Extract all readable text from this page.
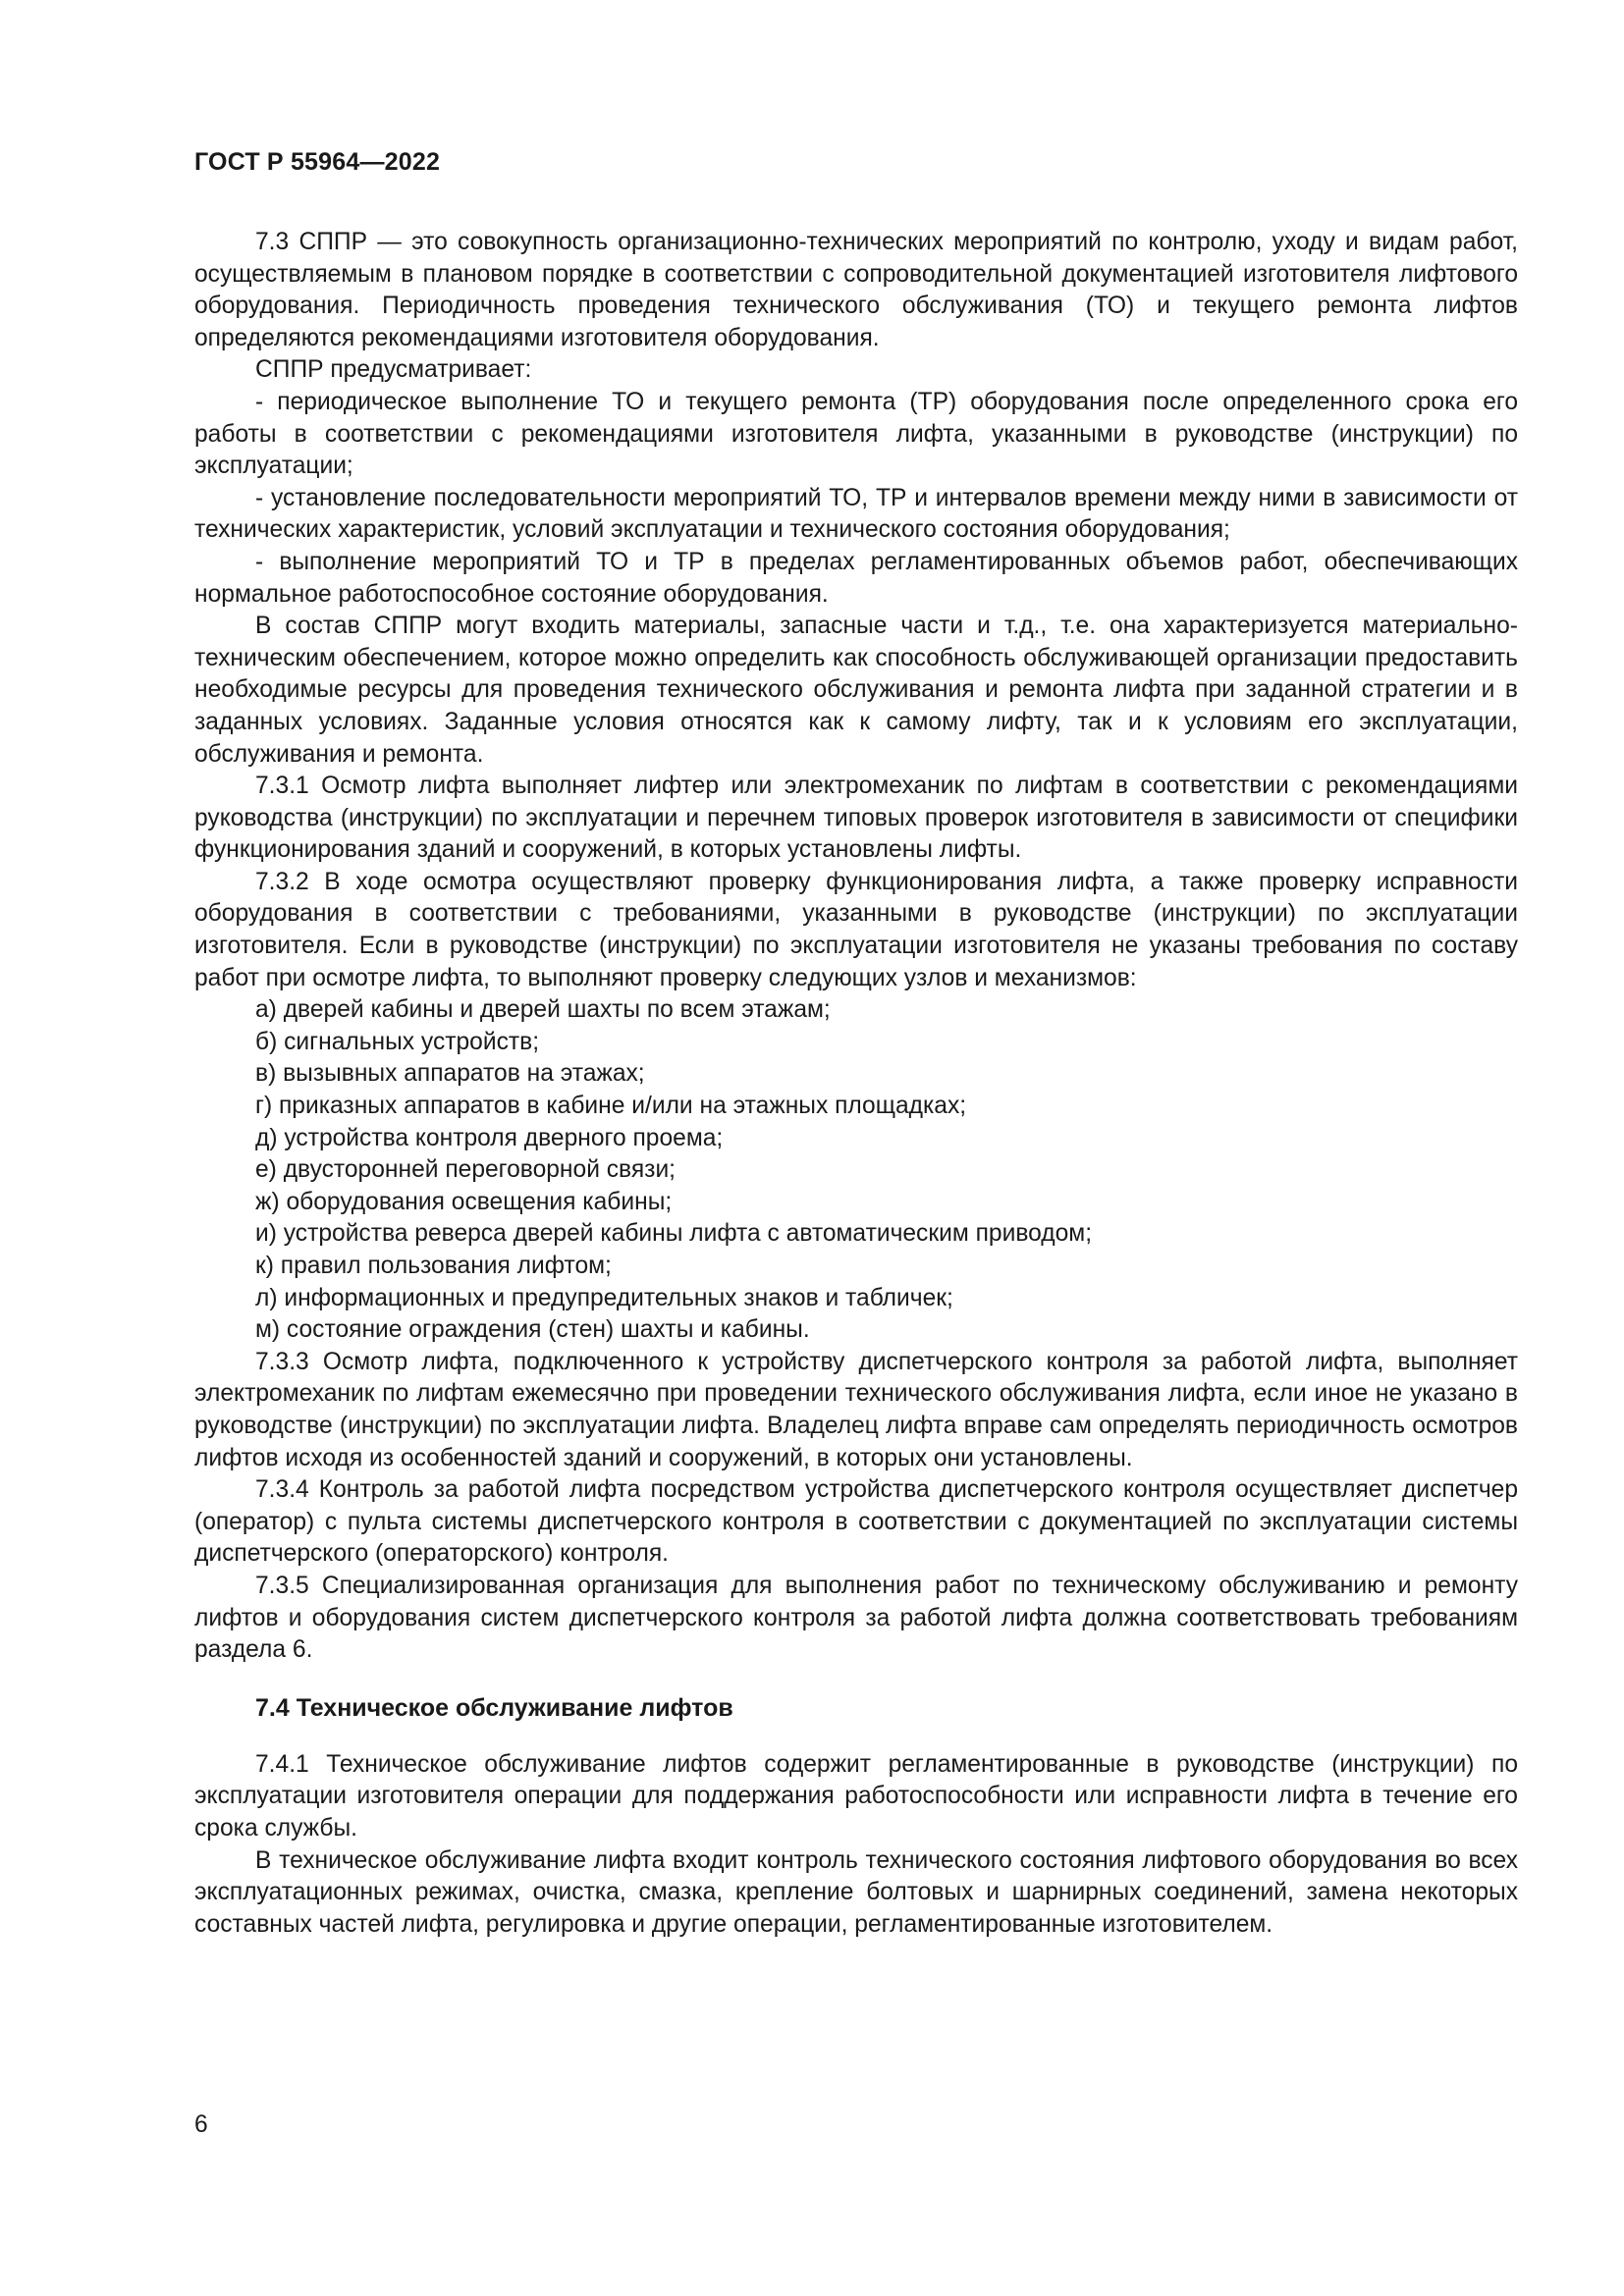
ГОСТ Р 55964—2022

7.3 СППР — это совокупность организационно-технических мероприятий по контролю, уходу и видам работ, осуществляемым в плановом порядке в соответствии с сопроводительной документацией изготовителя лифтового оборудования. Периодичность проведения технического обслуживания (ТО) и текущего ремонта лифтов определяются рекомендациями изготовителя оборудования.

СППР предусматривает:

- периодическое выполнение ТО и текущего ремонта (ТР) оборудования после определенного срока его работы в соответствии с рекомендациями изготовителя лифта, указанными в руководстве (инструкции) по эксплуатации;

- установление последовательности мероприятий ТО, ТР и интервалов времени между ними в зависимости от технических характеристик, условий эксплуатации и технического состояния оборудования;

- выполнение мероприятий ТО и ТР в пределах регламентированных объемов работ, обеспечивающих нормальное работоспособное состояние оборудования.

В состав СППР могут входить материалы, запасные части и т.д., т.е. она характеризуется материально-техническим обеспечением, которое можно определить как способность обслуживающей организации предоставить необходимые ресурсы для проведения технического обслуживания и ремонта лифта при заданной стратегии и в заданных условиях. Заданные условия относятся как к самому лифту, так и к условиям его эксплуатации, обслуживания и ремонта.

7.3.1 Осмотр лифта выполняет лифтер или электромеханик по лифтам в соответствии с рекомендациями руководства (инструкции) по эксплуатации и перечнем типовых проверок изготовителя в зависимости от специфики функционирования зданий и сооружений, в которых установлены лифты.

7.3.2 В ходе осмотра осуществляют проверку функционирования лифта, а также проверку исправности оборудования в соответствии с требованиями, указанными в руководстве (инструкции) по эксплуатации изготовителя. Если в руководстве (инструкции) по эксплуатации изготовителя не указаны требования по составу работ при осмотре лифта, то выполняют проверку следующих узлов и механизмов:

а) дверей кабины и дверей шахты по всем этажам;
б) сигнальных устройств;
в) вызывных аппаратов на этажах;
г) приказных аппаратов в кабине и/или на этажных площадках;
д) устройства контроля дверного проема;
е) двусторонней переговорной связи;
ж) оборудования освещения кабины;
и) устройства реверса дверей кабины лифта с автоматическим приводом;
к) правил пользования лифтом;
л) информационных и предупредительных знаков и табличек;
м) состояние ограждения (стен) шахты и кабины.

7.3.3 Осмотр лифта, подключенного к устройству диспетчерского контроля за работой лифта, выполняет электромеханик по лифтам ежемесячно при проведении технического обслуживания лифта, если иное не указано в руководстве (инструкции) по эксплуатации лифта. Владелец лифта вправе сам определять периодичность осмотров лифтов исходя из особенностей зданий и сооружений, в которых они установлены.

7.3.4 Контроль за работой лифта посредством устройства диспетчерского контроля осуществляет диспетчер (оператор) с пульта системы диспетчерского контроля в соответствии с документацией по эксплуатации системы диспетчерского (операторского) контроля.

7.3.5 Специализированная организация для выполнения работ по техническому обслуживанию и ремонту лифтов и оборудования систем диспетчерского контроля за работой лифта должна соответствовать требованиям раздела 6.

7.4 Техническое обслуживание лифтов

7.4.1 Техническое обслуживание лифтов содержит регламентированные в руководстве (инструкции) по эксплуатации изготовителя операции для поддержания работоспособности или исправности лифта в течение его срока службы.

В техническое обслуживание лифта входит контроль технического состояния лифтового оборудования во всех эксплуатационных режимах, очистка, смазка, крепление болтовых и шарнирных соединений, замена некоторых составных частей лифта, регулировка и другие операции, регламентированные изготовителем.

6
